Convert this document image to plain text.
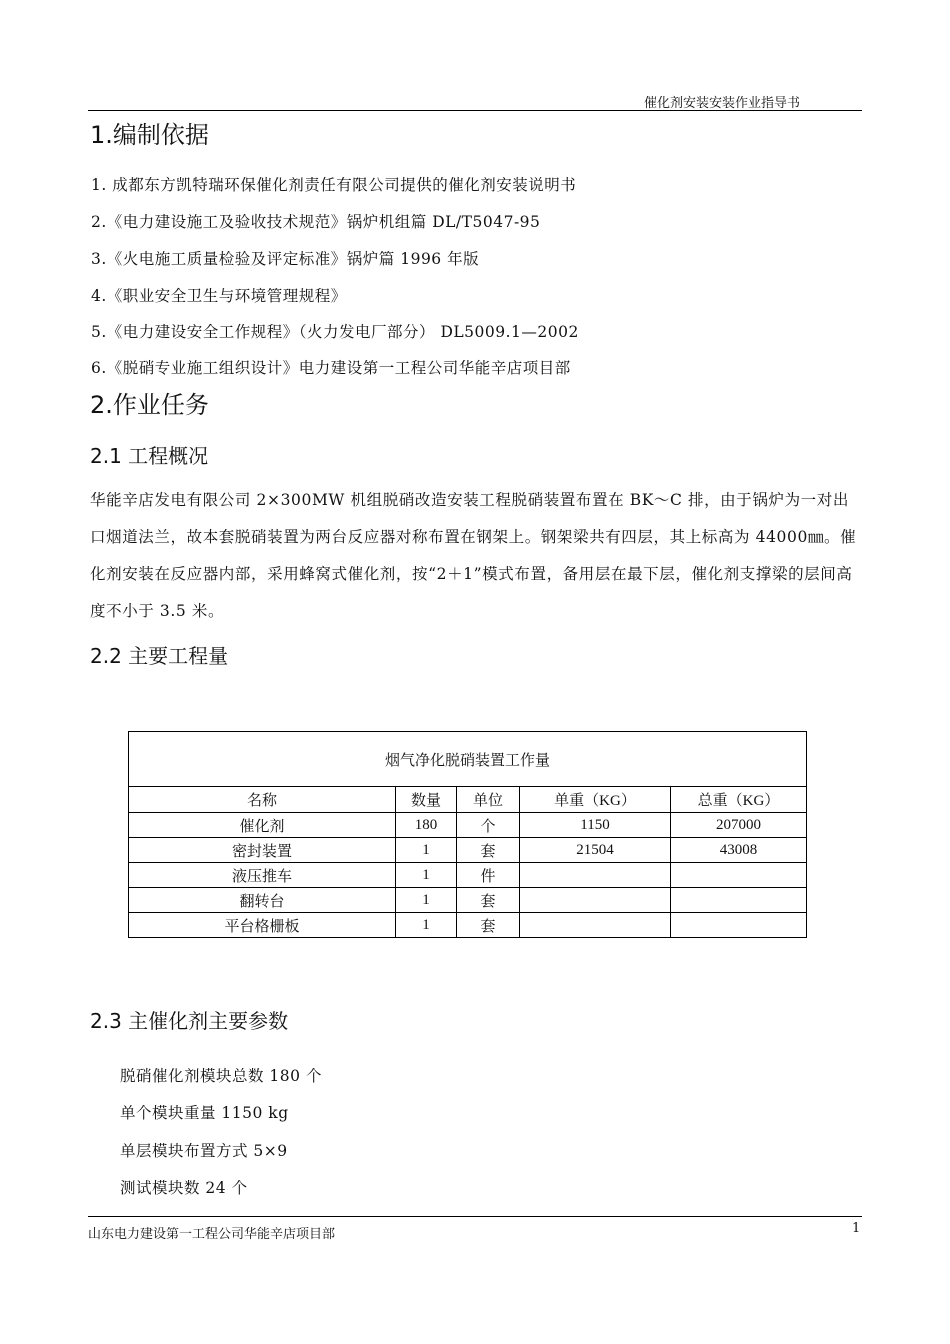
催化剂安装安装作业指导书
1.编制依据
1. 成都东方凯特瑞环保催化剂责任有限公司提供的催化剂安装说明书
2.《电力建设施工及验收技术规范》锅炉机组篇 DL/T5047-95
3.《火电施工质量检验及评定标准》锅炉篇 1996 年版
4.《职业安全卫生与环境管理规程》
5.《电力建设安全工作规程》（火力发电厂部分） DL5009.1—2002
6.《脱硝专业施工组织设计》电力建设第一工程公司华能辛店项目部
2.作业任务
2.1 工程概况
华能辛店发电有限公司 2×300MW 机组脱硝改造安装工程脱硝装置布置在 BK～C 排，由于锅炉为一对出口烟道法兰，故本套脱硝装置为两台反应器对称布置在钢架上。钢架梁共有四层，其上标高为 44000㎜。催化剂安装在反应器内部，采用蜂窝式催化剂，按“2＋1”模式布置，备用层在最下层，催化剂支撑梁的层间高度不小于 3.5 米。
2.2 主要工程量
烟气净化脱硝装置工作量				
名称	数量	单位	单重（KG）	总重（KG）
催化剂	180	个	1150	207000
密封装置	1	套	21504	43008
液压推车	1	件		
翻转台	1	套		
平台格栅板	1	套		
2.3 主催化剂主要参数
脱硝催化剂模块总数 180 个
单个模块重量 1150 kg
单层模块布置方式 5×9
测试模块数 24 个
山东电力建设第一工程公司华能辛店项目部	1
